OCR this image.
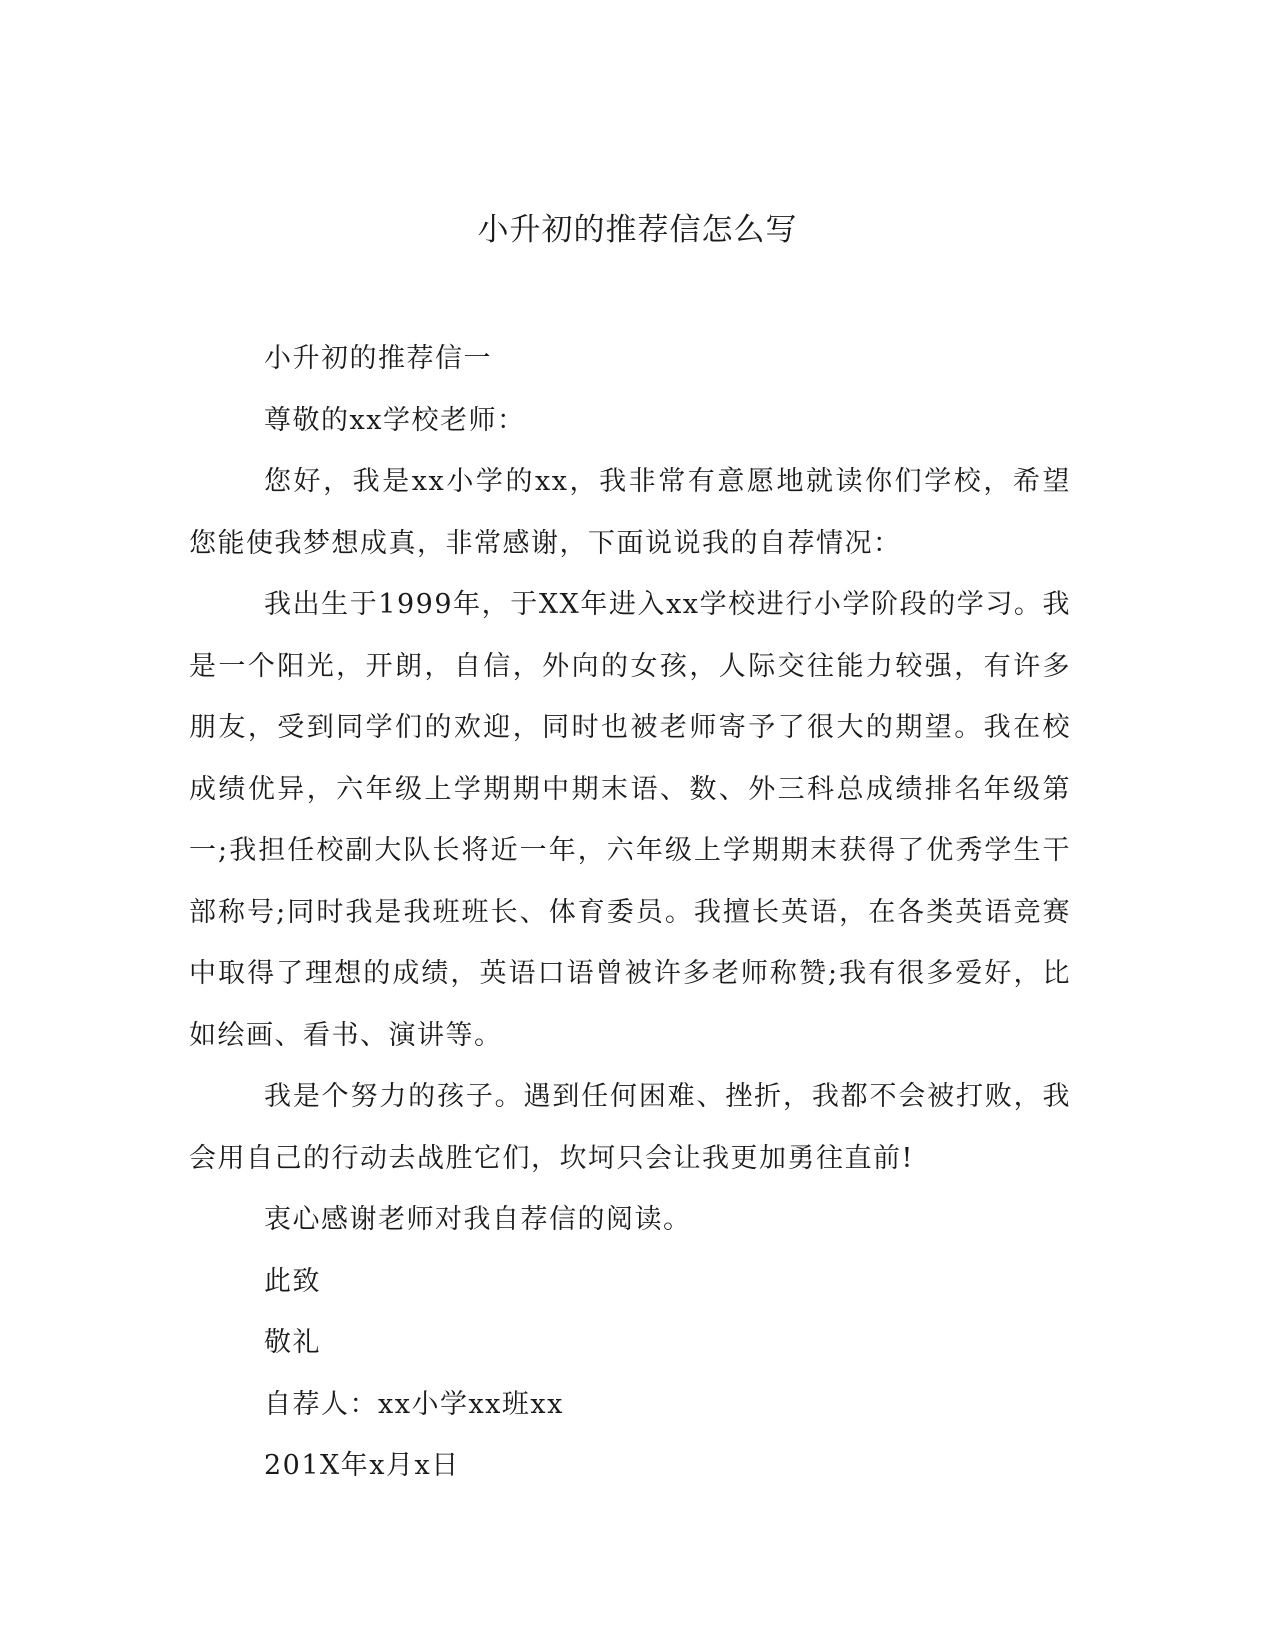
小升初的推荐信怎么写

小升初的推荐信一

尊敬的xx学校老师：

您好，我是xx小学的xx，我非常有意愿地就读你们学校，希望您能使我梦想成真，非常感谢，下面说说我的自荐情况：

我出生于1999年，于XX年进入xx学校进行小学阶段的学习。我是一个阳光，开朗，自信，外向的女孩，人际交往能力较强，有许多朋友，受到同学们的欢迎，同时也被老师寄予了很大的期望。我在校成绩优异，六年级上学期期中期末语、数、外三科总成绩排名年级第一;我担任校副大队长将近一年，六年级上学期期末获得了优秀学生干部称号;同时我是我班班长、体育委员。我擅长英语，在各类英语竞赛中取得了理想的成绩，英语口语曾被许多老师称赞;我有很多爱好，比如绘画、看书、演讲等。

我是个努力的孩子。遇到任何困难、挫折，我都不会被打败，我会用自己的行动去战胜它们，坎坷只会让我更加勇往直前!

衷心感谢老师对我自荐信的阅读。

此致

敬礼

自荐人：xx小学xx班xx

201X年x月x日
